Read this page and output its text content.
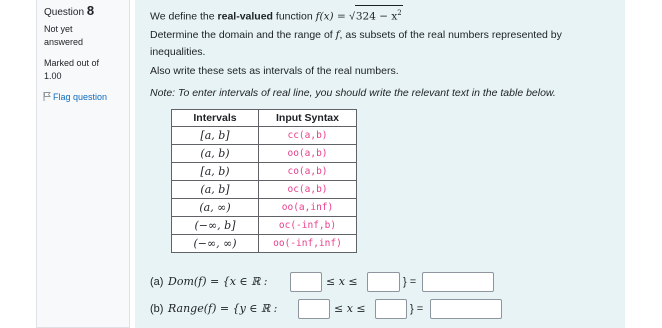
Question 8
Not yet
answered
Marked out of
1.00
Flag question
We define the real-valued function $f(x) = √324 - x^2$
Determine the domain and the range of f, as subsets of the real numbers represented by
inequalities.
Also write these sets as intervals of the real numbers.
Note: To enter intervals of real line, you should write the relevant text in the table below.
Intervals	Input Syntax
[a, b]	cc(a,b)
(a, b)	oo(a,b)
[a, b)	co(a,b)
(a, b]	oc(a,b)
(a, ∞)	oo(a,inf)
(−∞, b]	oc(-inf,b)
(−∞, ∞)	oo(-inf,inf)
(a) Dom(f) = {x ∈ ℝ :	≤ x ≤	} =
(b) Range(f) = {y ∈ ℝ :	≤ x ≤	} =
